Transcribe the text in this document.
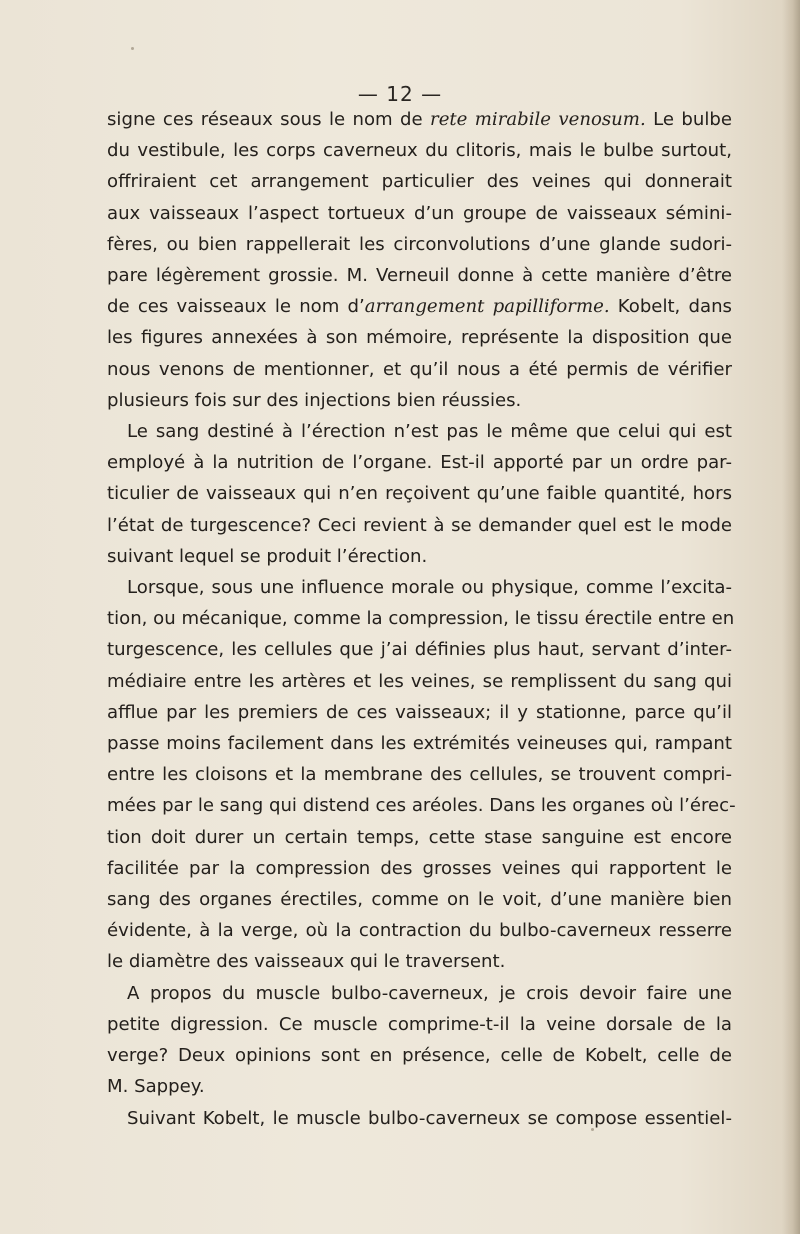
— 12 —
signe ces réseaux sous le nom de rete mirabile venosum. Le bulbe
du vestibule, les corps caverneux du clitoris, mais le bulbe surtout,
offriraient cet arrangement particulier des veines qui donnerait
aux vaisseaux l’aspect tortueux d’un groupe de vaisseaux sémini-
fères, ou bien rappellerait les circonvolutions d’une glande sudori-
pare légèrement grossie. M. Verneuil donne à cette manière d’être
de ces vaisseaux le nom d’arrangement papilliforme. Kobelt, dans
les figures annexées à son mémoire, représente la disposition que
nous venons de mentionner, et qu’il nous a été permis de vérifier
plusieurs fois sur des injections bien réussies.
Le sang destiné à l’érection n’est pas le même que celui qui est
employé à la nutrition de l’organe. Est-il apporté par un ordre par-
ticulier de vaisseaux qui n’en reçoivent qu’une faible quantité, hors
l’état de turgescence? Ceci revient à se demander quel est le mode
suivant lequel se produit l’érection.
Lorsque, sous une influence morale ou physique, comme l’excita-
tion, ou mécanique, comme la compression, le tissu érectile entre en
turgescence, les cellules que j’ai définies plus haut, servant d’inter-
médiaire entre les artères et les veines, se remplissent du sang qui
afflue par les premiers de ces vaisseaux; il y stationne, parce qu’il
passe moins facilement dans les extrémités veineuses qui, rampant
entre les cloisons et la membrane des cellules, se trouvent compri-
mées par le sang qui distend ces aréoles. Dans les organes où l’érec-
tion doit durer un certain temps, cette stase sanguine est encore
facilitée par la compression des grosses veines qui rapportent le
sang des organes érectiles, comme on le voit, d’une manière bien
évidente, à la verge, où la contraction du bulbo-caverneux resserre
le diamètre des vaisseaux qui le traversent.
A propos du muscle bulbo-caverneux, je crois devoir faire une
petite digression. Ce muscle comprime-t-il la veine dorsale de la
verge? Deux opinions sont en présence, celle de Kobelt, celle de
M. Sappey.
Suivant Kobelt, le muscle bulbo-caverneux se compose essentiel-
